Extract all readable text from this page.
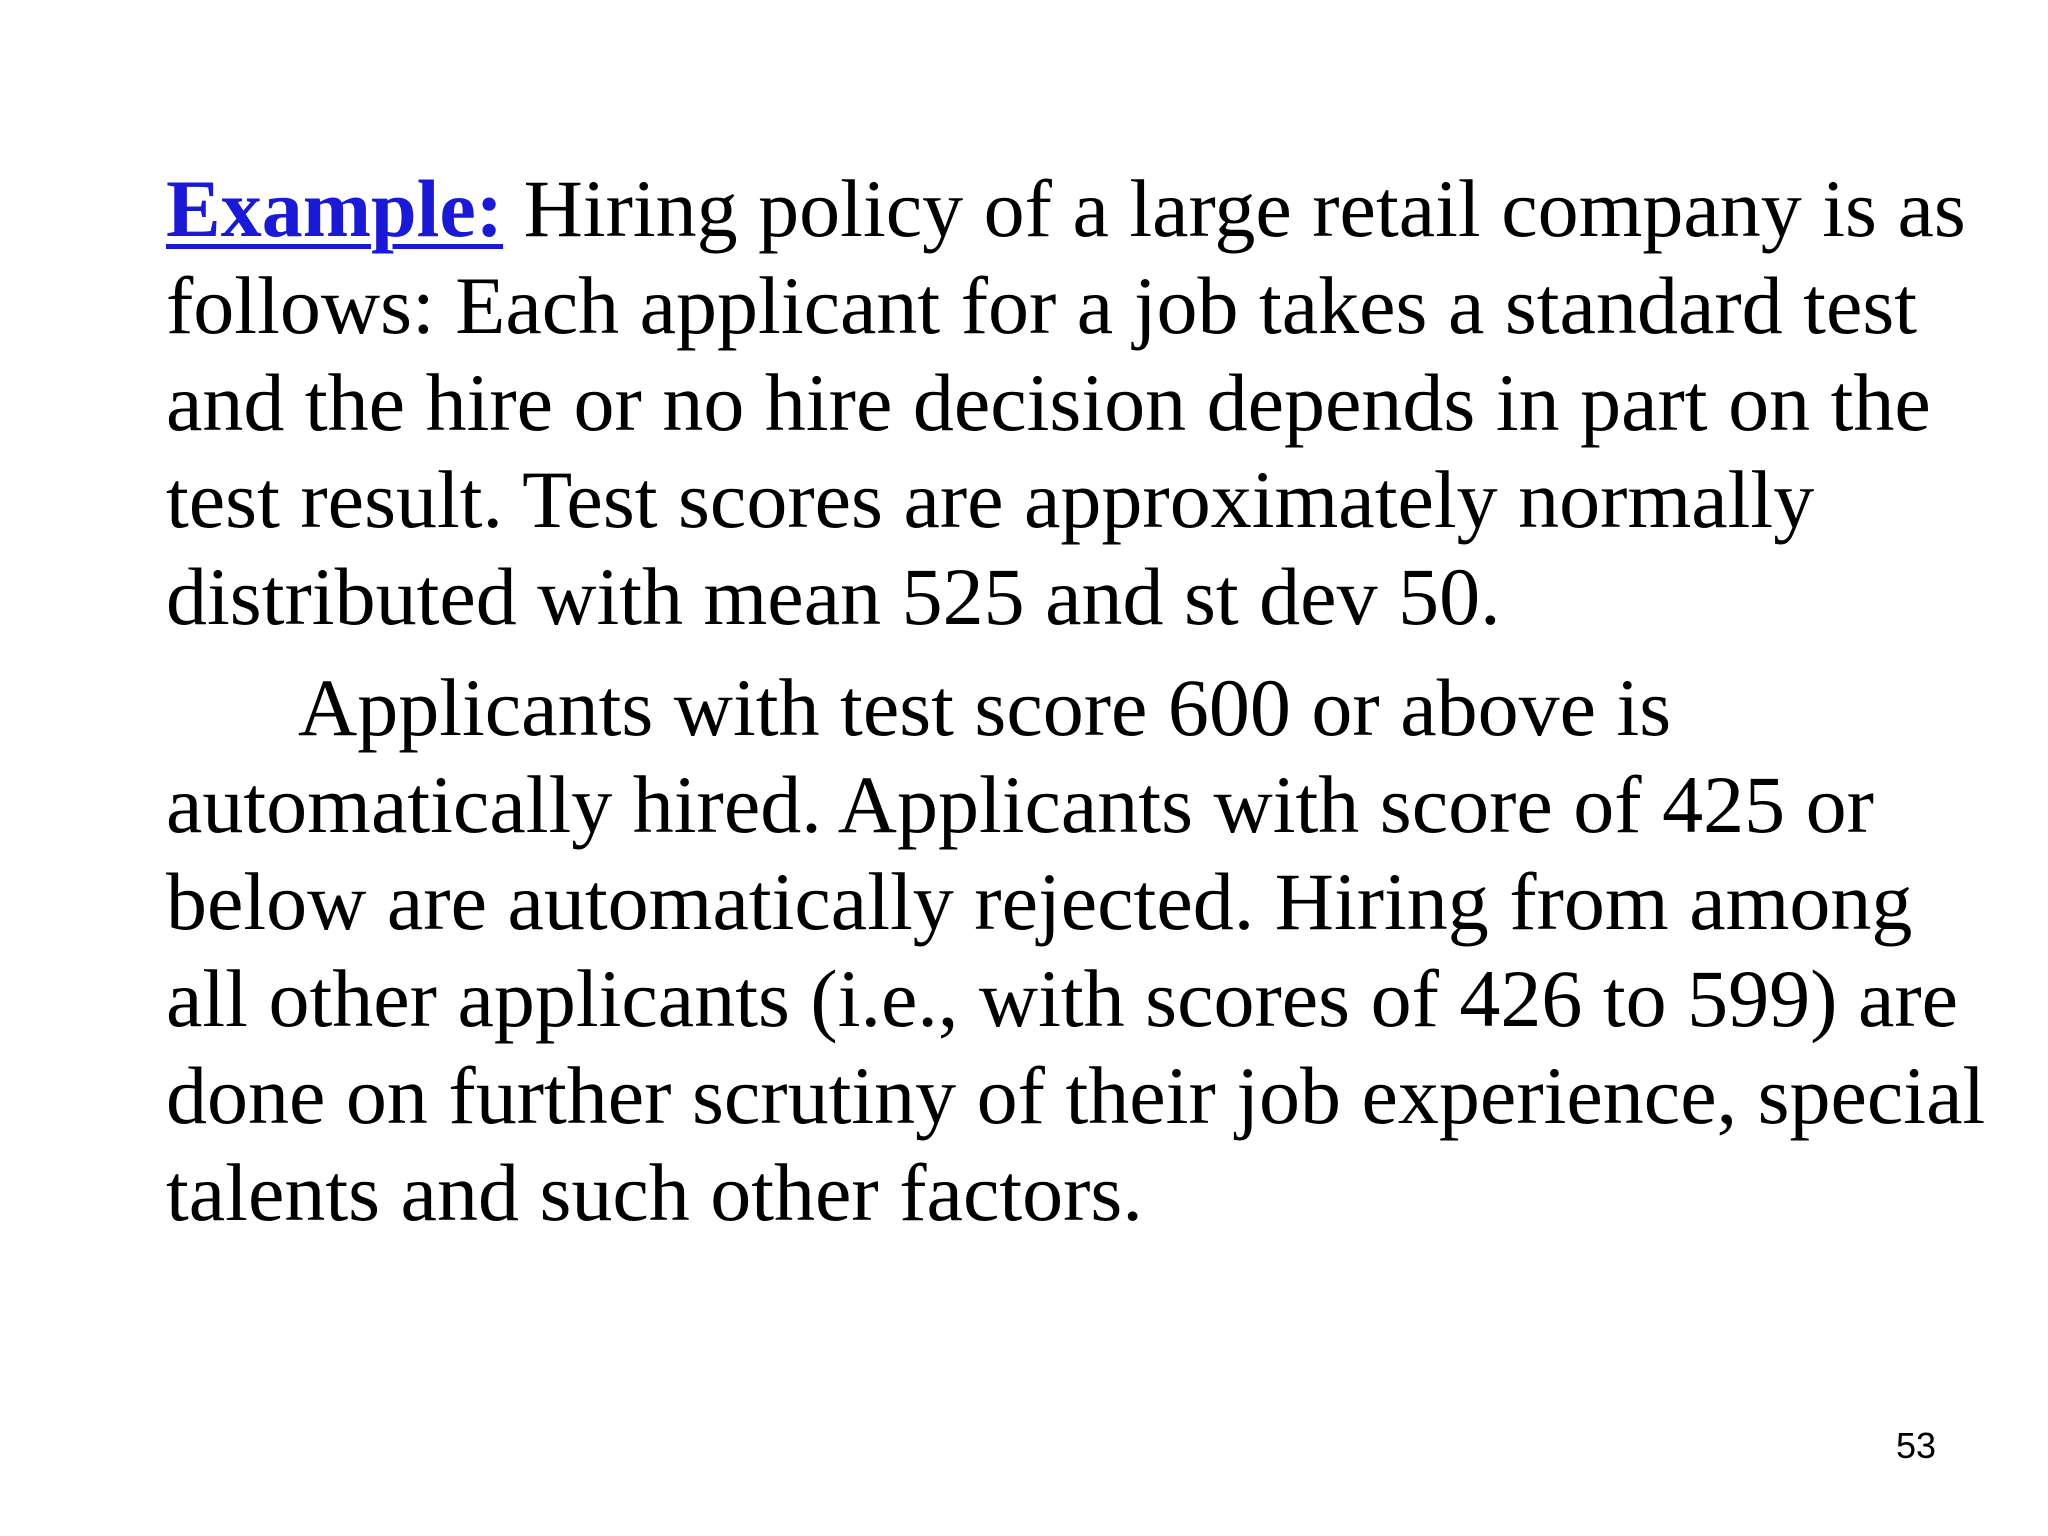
Example: Hiring policy of a large retail company is as follows: Each applicant for a job takes a standard test and the hire or no hire decision depends in part on the test result. Test scores are approximately normally distributed with mean 525 and st dev 50.

Applicants with test score 600 or above is automatically hired. Applicants with score of 425 or below are automatically rejected. Hiring from among all other applicants (i.e., with scores of 426 to 599) are done on further scrutiny of their job experience, special talents and such other factors.

53
